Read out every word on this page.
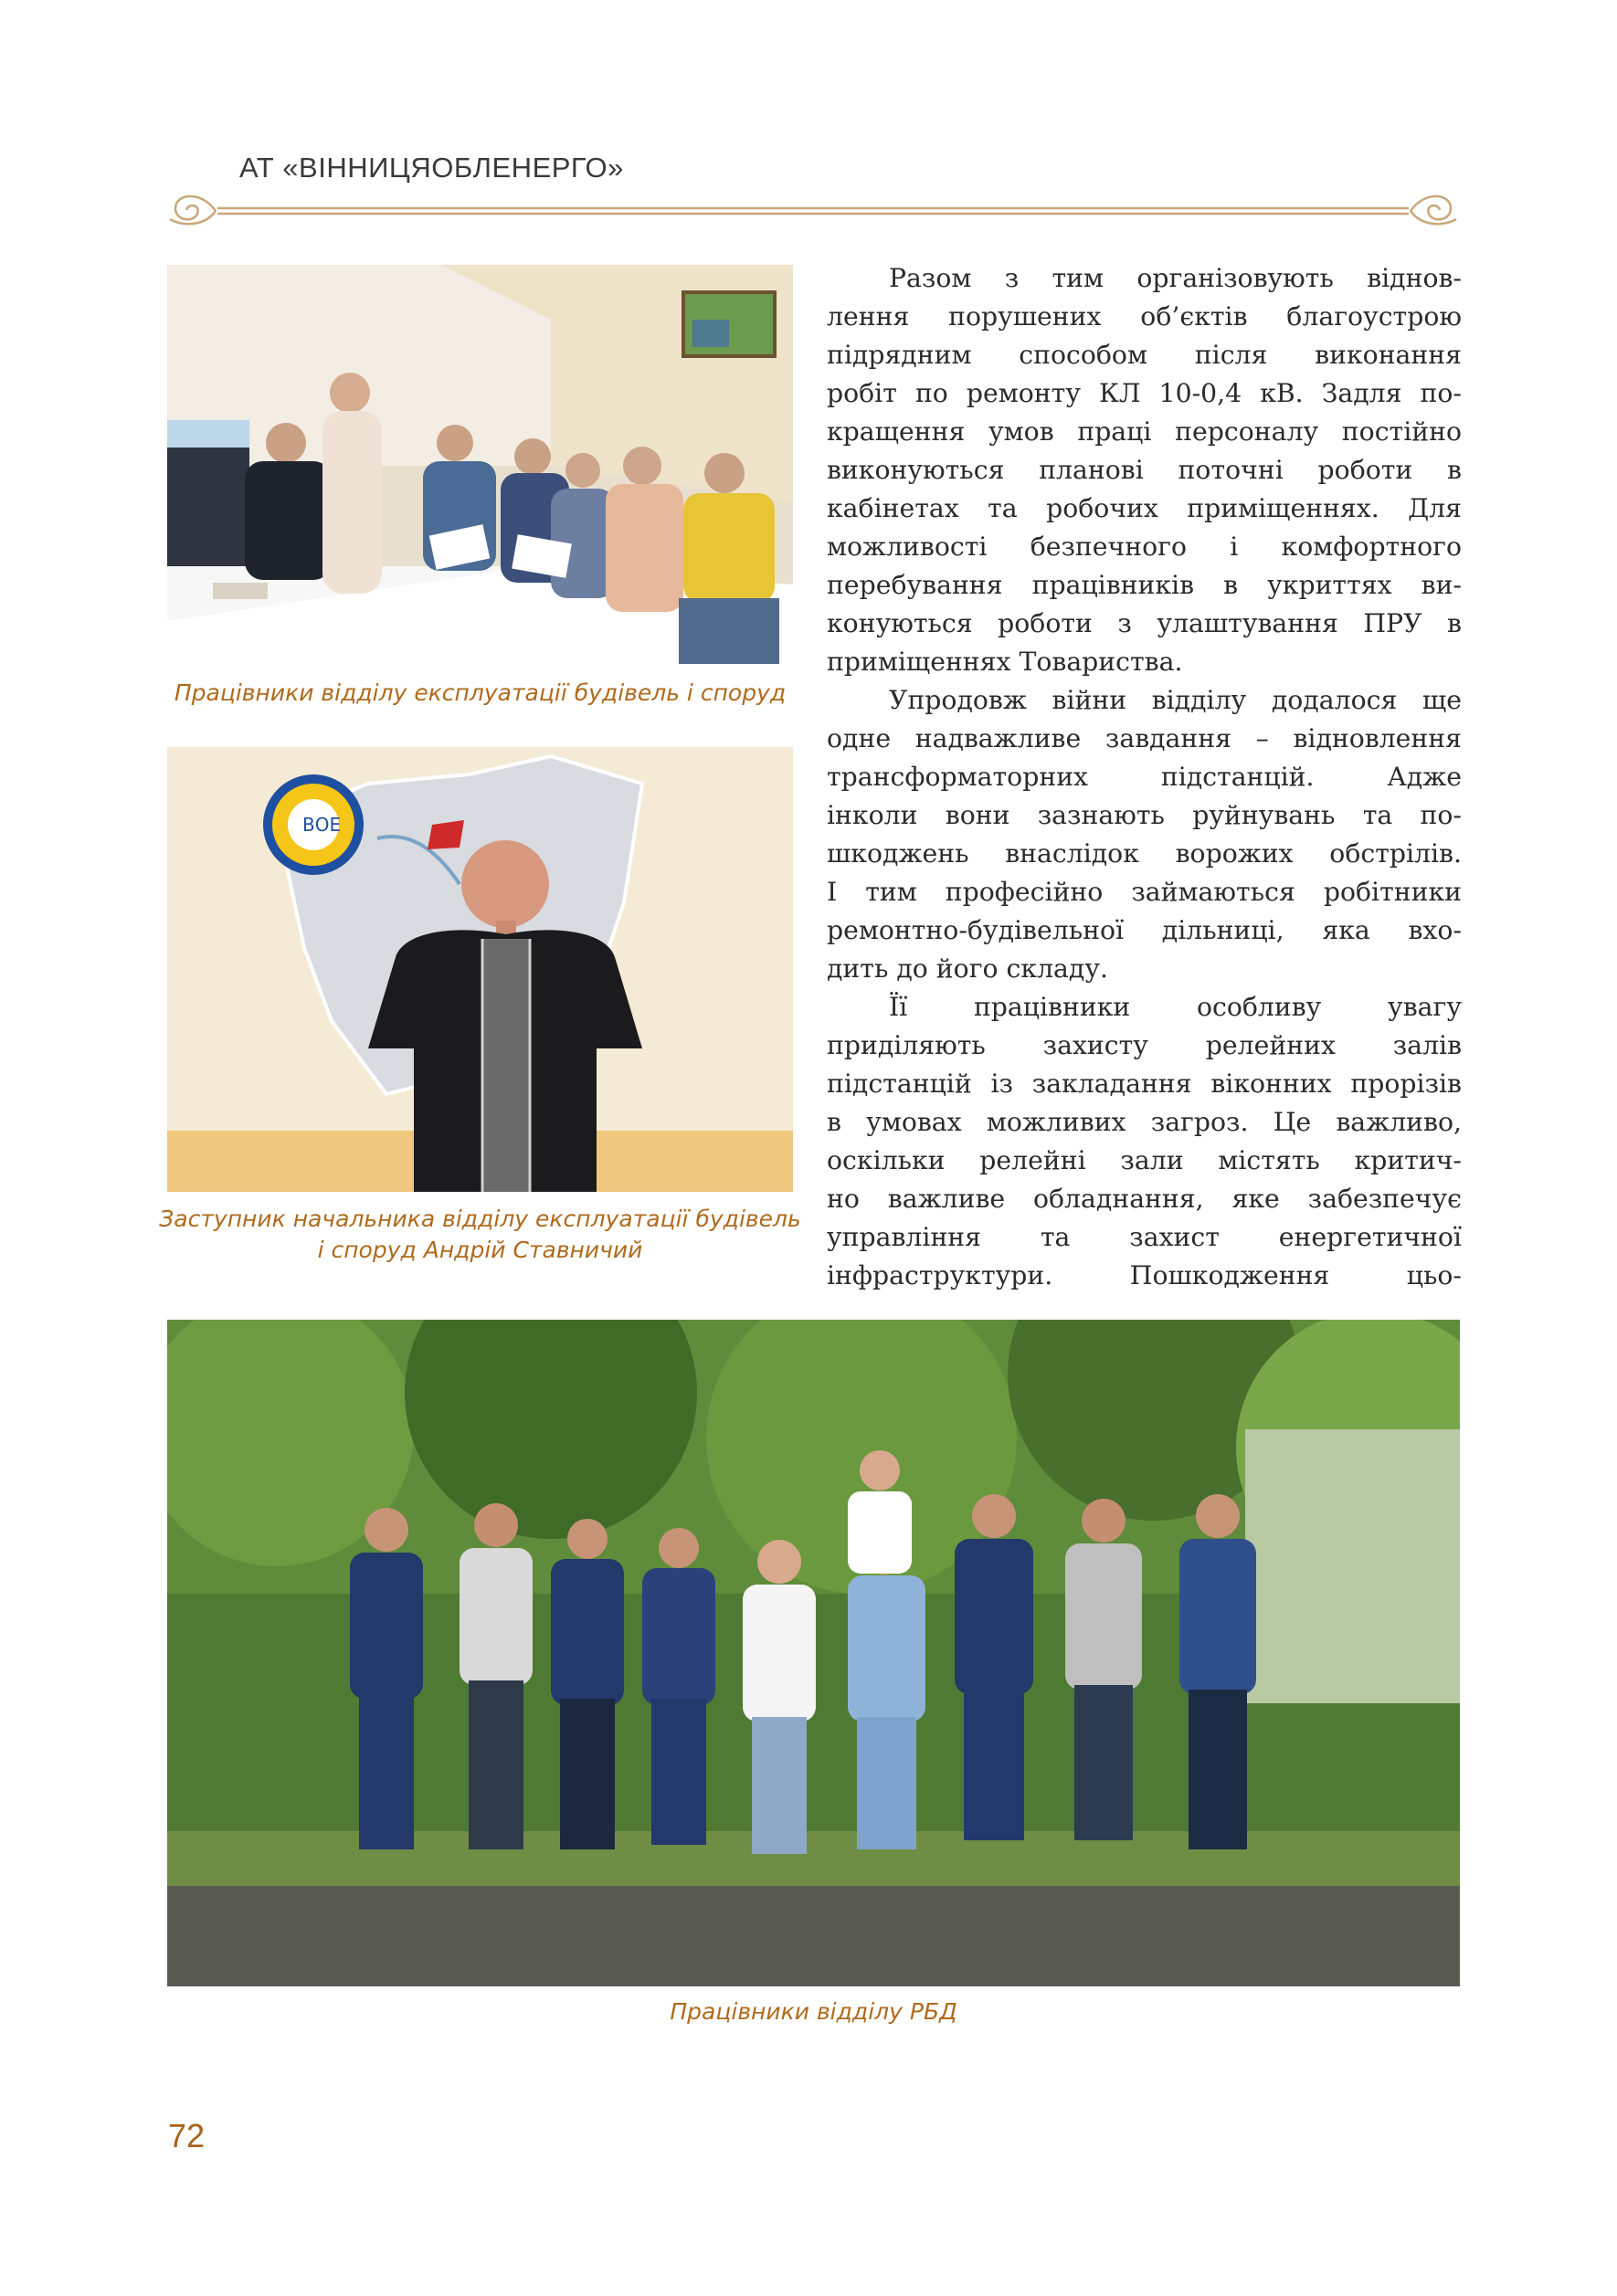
АТ «ВІННИЦЯОБЛЕНЕРГО»
Працівники відділу експлуатації будівель і споруд
ВОЕ
Заступник начальника відділу експлуатації будівель
і споруд Андрій Ставничий

Разом з тим організовують віднов-
лення порушених об’єктів благоустрою
підрядним способом після виконання
робіт по ремонту КЛ 10-0,4 кВ. Задля по-
кращення умов праці персоналу постійно
виконуються планові поточні роботи в
кабінетах та робочих приміщеннях. Для
можливості безпечного і комфортного
перебування працівників в укриттях ви-
конуються роботи з улаштування ПРУ в
приміщеннях Товариства.

Упродовж війни відділу додалося ще
одне надважливе завдання – відновлення
трансформаторних підстанцій. Адже
інколи вони зазнають руйнувань та по-
шкоджень внаслідок ворожих обстрілів.
І тим професійно займаються робітники
ремонтно-будівельної дільниці, яка вхо-
дить до його складу.

Її працівники особливу увагу
приділяють захисту релейних залів
підстанцій із закладання віконних прорізів
в умовах можливих загроз. Це важливо,
оскільки релейні зали містять критич-
но важливе обладнання, яке забезпечує
управління та захист енергетичної
інфраструктури. Пошкодження цьо-

Працівники відділу РБД
72
